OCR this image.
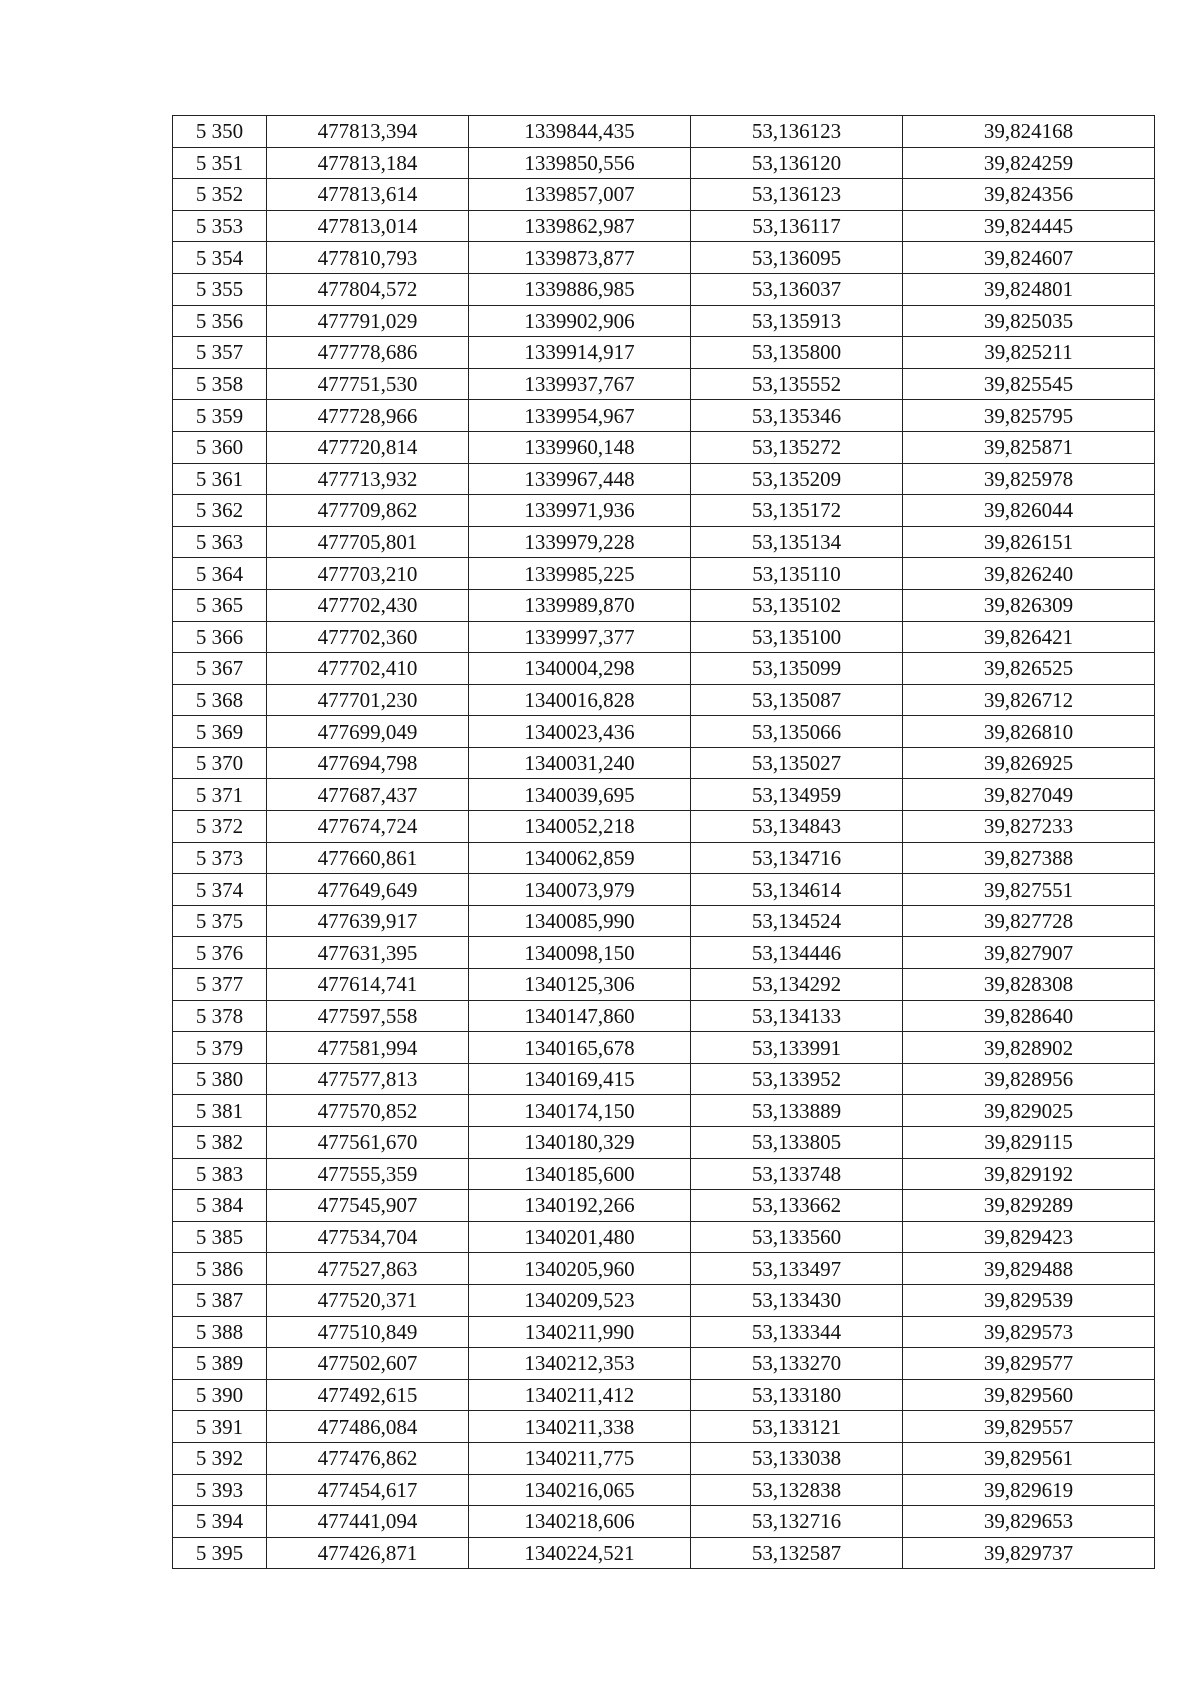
5 350	477813,394	1339844,435	53,136123	39,824168
5 351	477813,184	1339850,556	53,136120	39,824259
5 352	477813,614	1339857,007	53,136123	39,824356
5 353	477813,014	1339862,987	53,136117	39,824445
5 354	477810,793	1339873,877	53,136095	39,824607
5 355	477804,572	1339886,985	53,136037	39,824801
5 356	477791,029	1339902,906	53,135913	39,825035
5 357	477778,686	1339914,917	53,135800	39,825211
5 358	477751,530	1339937,767	53,135552	39,825545
5 359	477728,966	1339954,967	53,135346	39,825795
5 360	477720,814	1339960,148	53,135272	39,825871
5 361	477713,932	1339967,448	53,135209	39,825978
5 362	477709,862	1339971,936	53,135172	39,826044
5 363	477705,801	1339979,228	53,135134	39,826151
5 364	477703,210	1339985,225	53,135110	39,826240
5 365	477702,430	1339989,870	53,135102	39,826309
5 366	477702,360	1339997,377	53,135100	39,826421
5 367	477702,410	1340004,298	53,135099	39,826525
5 368	477701,230	1340016,828	53,135087	39,826712
5 369	477699,049	1340023,436	53,135066	39,826810
5 370	477694,798	1340031,240	53,135027	39,826925
5 371	477687,437	1340039,695	53,134959	39,827049
5 372	477674,724	1340052,218	53,134843	39,827233
5 373	477660,861	1340062,859	53,134716	39,827388
5 374	477649,649	1340073,979	53,134614	39,827551
5 375	477639,917	1340085,990	53,134524	39,827728
5 376	477631,395	1340098,150	53,134446	39,827907
5 377	477614,741	1340125,306	53,134292	39,828308
5 378	477597,558	1340147,860	53,134133	39,828640
5 379	477581,994	1340165,678	53,133991	39,828902
5 380	477577,813	1340169,415	53,133952	39,828956
5 381	477570,852	1340174,150	53,133889	39,829025
5 382	477561,670	1340180,329	53,133805	39,829115
5 383	477555,359	1340185,600	53,133748	39,829192
5 384	477545,907	1340192,266	53,133662	39,829289
5 385	477534,704	1340201,480	53,133560	39,829423
5 386	477527,863	1340205,960	53,133497	39,829488
5 387	477520,371	1340209,523	53,133430	39,829539
5 388	477510,849	1340211,990	53,133344	39,829573
5 389	477502,607	1340212,353	53,133270	39,829577
5 390	477492,615	1340211,412	53,133180	39,829560
5 391	477486,084	1340211,338	53,133121	39,829557
5 392	477476,862	1340211,775	53,133038	39,829561
5 393	477454,617	1340216,065	53,132838	39,829619
5 394	477441,094	1340218,606	53,132716	39,829653
5 395	477426,871	1340224,521	53,132587	39,829737
